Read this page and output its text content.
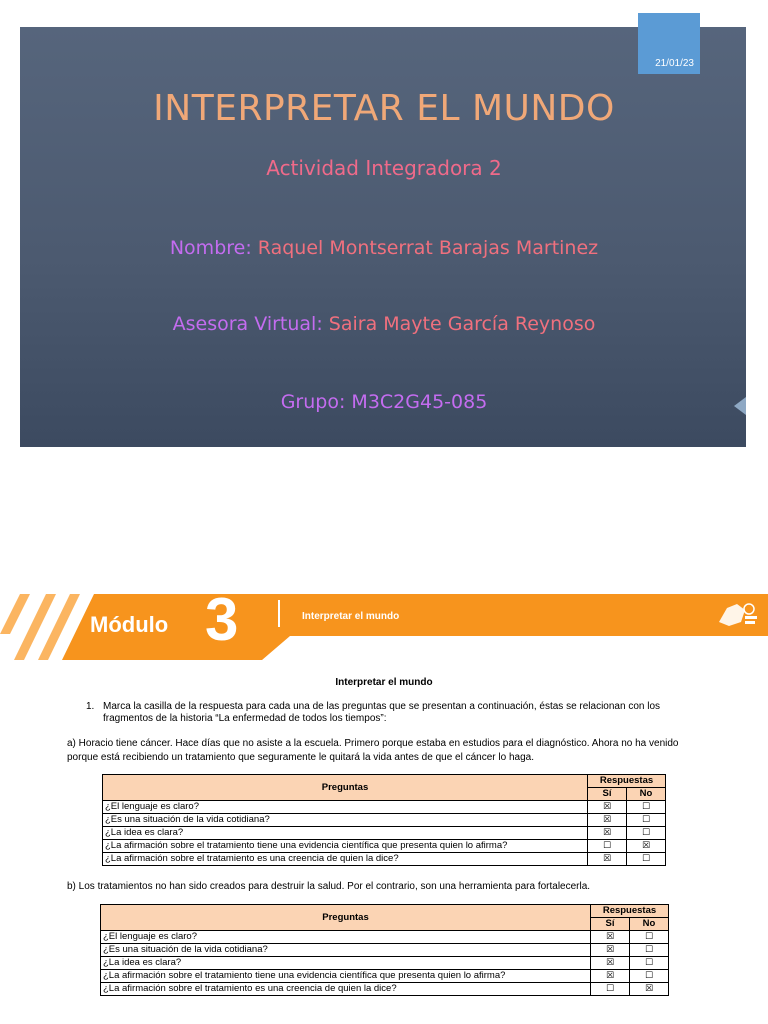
21/01/23
INTERPRETAR EL MUNDO
Actividad Integradora 2
Nombre: Raquel Montserrat Barajas Martinez
Asesora Virtual: Saira Mayte García Reynoso
Grupo: M3C2G45-085
Módulo 3	Interpretar el mundo
Interpretar el mundo
1. Marca la casilla de la respuesta para cada una de las preguntas que se presentan a continuación, éstas se relacionan con los fragmentos de la historia “La enfermedad de todos los tiempos”:
a) Horacio tiene cáncer. Hace días que no asiste a la escuela. Primero porque estaba en estudios para el diagnóstico. Ahora no ha venido porque está recibiendo un tratamiento que seguramente le quitará la vida antes de que el cáncer lo haga.
Preguntas	Respuestas	
	Sí	No
¿El lenguaje es claro?	☒	☐
¿Es una situación de la vida cotidiana?	☒	☐
¿La idea es clara?	☒	☐
¿La afirmación sobre el tratamiento tiene una evidencia científica que presenta quien lo afirma?	☐	☒
¿La afirmación sobre el tratamiento es una creencia de quien la dice?	☒	☐
b) Los tratamientos no han sido creados para destruir la salud. Por el contrario, son una herramienta para fortalecerla.
Preguntas	Respuestas	
	Sí	No
¿El lenguaje es claro?	☒	☐
¿Es una situación de la vida cotidiana?	☒	☐
¿La idea es clara?	☒	☐
¿La afirmación sobre el tratamiento tiene una evidencia científica que presenta quien lo afirma?	☒	☐
¿La afirmación sobre el tratamiento es una creencia de quien la dice?	☐	☒
